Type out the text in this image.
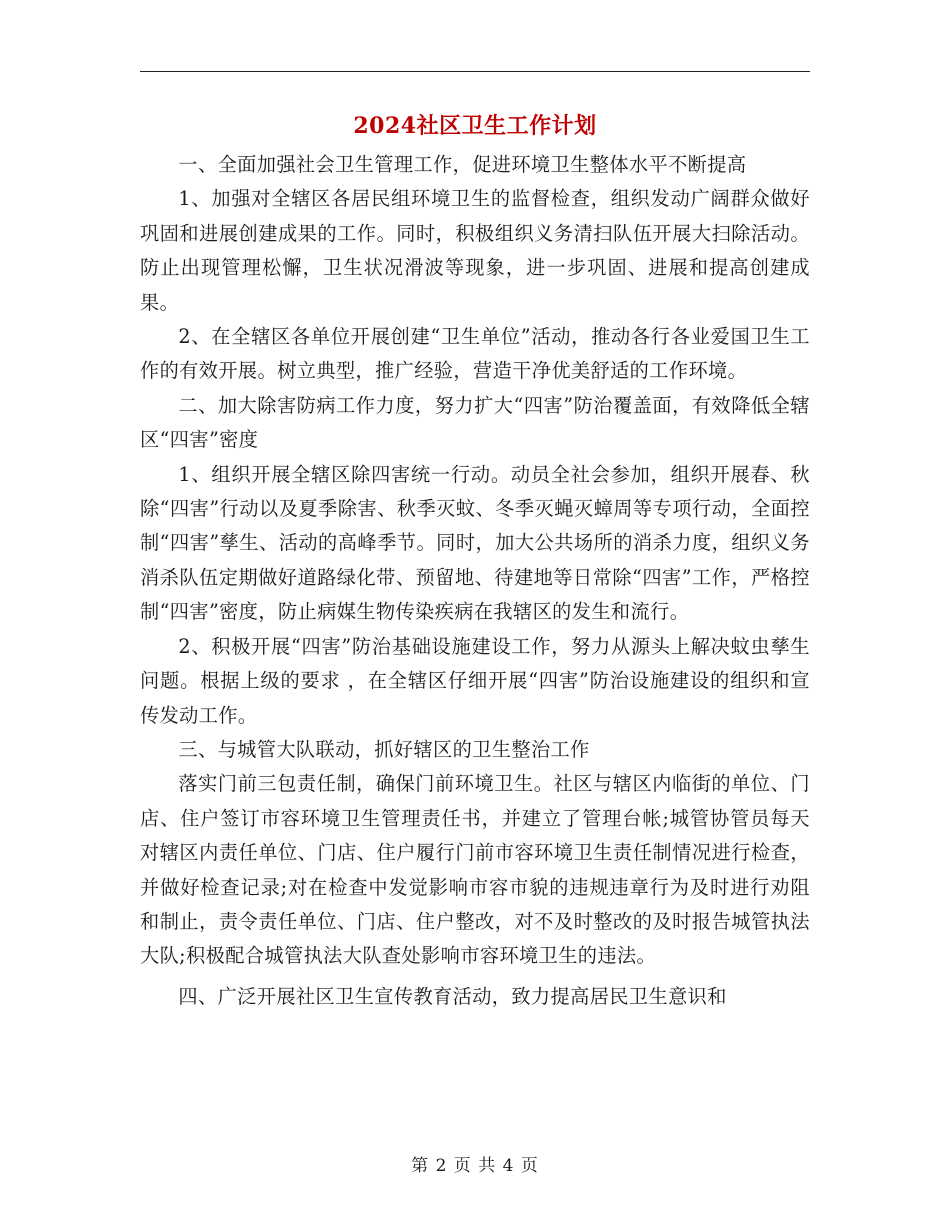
2024社区卫生工作计划

一、全面加强社会卫生管理工作，促进环境卫生整体水平不断提高

1、加强对全辖区各居民组环境卫生的监督检查，组织发动广阔群众做好巩固和进展创建成果的工作。同时，积极组织义务清扫队伍开展大扫除活动。防止出现管理松懈，卫生状况滑波等现象，进一步巩固、进展和提高创建成果。

2、在全辖区各单位开展创建“卫生单位”活动，推动各行各业爱国卫生工作的有效开展。树立典型，推广经验，营造干净优美舒适的工作环境。

二、加大除害防病工作力度，努力扩大“四害”防治覆盖面，有效降低全辖区“四害”密度

1、组织开展全辖区除四害统一行动。动员全社会参加，组织开展春、秋除“四害”行动以及夏季除害、秋季灭蚊、冬季灭蝇灭蟑周等专项行动，全面控制“四害”孳生、活动的高峰季节。同时，加大公共场所的消杀力度，组织义务消杀队伍定期做好道路绿化带、预留地、待建地等日常除“四害”工作，严格控制“四害”密度，防止病媒生物传染疾病在我辖区的发生和流行。

2、积极开展“四害”防治基础设施建设工作，努力从源头上解决蚊虫孳生问题。根据上级的要求 ，在全辖区仔细开展“四害”防治设施建设的组织和宣传发动工作。

三、与城管大队联动，抓好辖区的卫生整治工作

落实门前三包责任制，确保门前环境卫生。社区与辖区内临街的单位、门店、住户签订市容环境卫生管理责任书，并建立了管理台帐;城管协管员每天对辖区内责任单位、门店、住户履行门前市容环境卫生责任制情况进行检查，并做好检查记录;对在检查中发觉影响市容市貌的违规违章行为及时进行劝阻和制止，责令责任单位、门店、住户整改，对不及时整改的及时报告城管执法大队;积极配合城管执法大队查处影响市容环境卫生的违法。

四、广泛开展社区卫生宣传教育活动，致力提高居民卫生意识和

第 2 页 共 4 页
